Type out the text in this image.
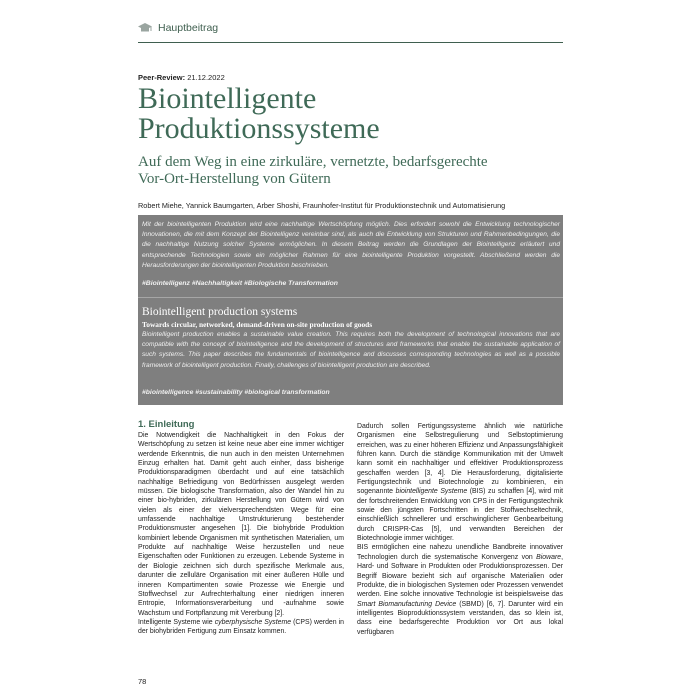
Hauptbeitrag
Peer-Review: 21.12.2022
Biointelligente
Produktionssysteme
Auf dem Weg in eine zirkuläre, vernetzte, bedarfsgerechte
Vor-Ort-Herstellung von Gütern
Robert Miehe, Yannick Baumgarten, Arber Shoshi, Fraunhofer-Institut für Produktionstechnik und Automatisierung
Mit der biointelligenten Produktion wird eine nachhaltige Wertschöpfung möglich. Dies erfordert sowohl die Entwicklung technologischer Innovationen, die mit dem Konzept der Biointelligenz vereinbar sind, als auch die Entwicklung von Strukturen und Rahmenbedingungen, die die nachhaltige Nutzung solcher Systeme ermöglichen. In diesem Beitrag werden die Grundlagen der Biointelligenz erläutert und entsprechende Technologien sowie ein möglicher Rahmen für eine biointelligente Produktion vorgestellt. Abschließend werden die Herausforderungen der biointelligenten Produktion beschrieben.
#Biointelligenz #Nachhaltigkeit #Biologische Transformation
Biointelligent production systems
Towards circular, networked, demand-driven on-site production of goods
Biointelligent production enables a sustainable value creation. This requires both the development of technological innovations that are compatible with the concept of biointelligence and the development of structures and frameworks that enable the sustainable application of such systems. This paper describes the fundamentals of biointelligence and discusses corresponding technologies as well as a possible framework of biointelligent production. Finally, challenges of biointelligent production are described.
#biointelligence #sustainability #biological transformation
1. Einleitung

Die Notwendigkeit die Nachhaltigkeit in den Fokus der Wertschöpfung zu setzen ist keine neue aber eine immer wichtiger werdende Erkenntnis, die nun auch in den meisten Unternehmen Einzug erhalten hat. Damit geht auch einher, dass bisherige Produktionsparadigmen überdacht und auf eine tatsächlich nachhaltige Befriedigung von Bedürfnissen ausgelegt werden müssen. Die biologische Transformation, also der Wandel hin zu einer bio-hybriden, zirkulären Herstellung von Gütern wird von vielen als einer der vielversprechendsten Wege für eine umfassende nachhaltige Umstrukturierung bestehender Produktionsmuster angesehen [1]. Die biohybride Produktion kombiniert lebende Organismen mit synthetischen Materialien, um Produkte auf nachhaltige Weise herzustellen und neue Eigenschaften oder Funktionen zu erzeugen. Lebende Systeme in der Biologie zeichnen sich durch spezifische Merkmale aus, darunter die zelluläre Organisation mit einer äußeren Hülle und inneren Kompartimenten sowie Prozesse wie Energie und Stoffwechsel zur Aufrechterhaltung einer niedrigen inneren Entropie, Informationsverarbeitung und -aufnahme sowie Wachstum und Fortpflanzung mit Vererbung [2].

Intelligente Systeme wie cyberphysische Systeme (CPS) werden in der biohybriden Fertigung zum Einsatz kommen.

Dadurch sollen Fertigungssysteme ähnlich wie natürliche Organismen eine Selbstregulierung und Selbstoptimierung erreichen, was zu einer höheren Effizienz und Anpassungsfähigkeit führen kann. Durch die ständige Kommunikation mit der Umwelt kann somit ein nachhaltiger und effektiver Produktionsprozess geschaffen werden [3, 4]. Die Herausforderung, digitalisierte Fertigungstechnik und Biotechnologie zu kombinieren, ein sogenannte biointelligente Systeme (BIS) zu schaffen [4], wird mit der fortschreitenden Entwicklung von CPS in der Fertigungstechnik sowie den jüngsten Fortschritten in der Stoffwechseltechnik, einschließlich schnellerer und erschwinglicherer Genbearbeitung durch CRISPR-Cas [5], und verwandten Bereichen der Biotechnologie immer wichtiger.

BIS ermöglichen eine nahezu unendliche Bandbreite innovativer Technologien durch die systematische Konvergenz von Bioware, Hard- und Software in Produkten oder Produktionsprozessen. Der Begriff Bioware bezieht sich auf organische Materialien oder Produkte, die in biologischen Systemen oder Prozessen verwendet werden. Eine solche innovative Technologie ist beispielsweise das Smart Biomanufacturing Device (SBMD) [6, 7]. Darunter wird ein intelligentes Bioproduktionssystem verstanden, das so klein ist, dass eine bedarfsgerechte Produktion vor Ort aus lokal verfügbaren

78
